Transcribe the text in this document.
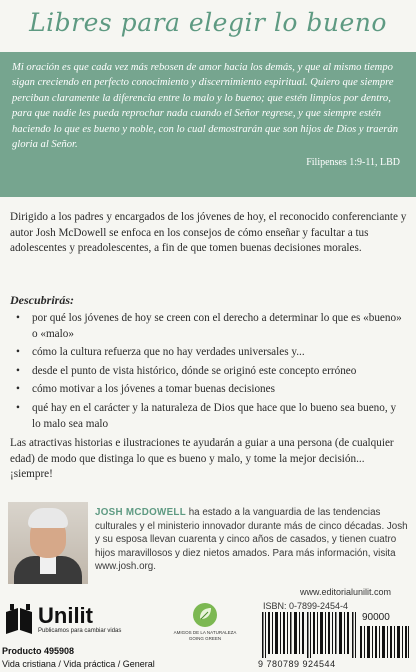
Libres para elegir lo bueno

Mi oración es que cada vez más rebosen de amor hacia los demás, y que al mismo tiempo sigan creciendo en perfecto conocimiento y discernimiento espiritual. Quiero que siempre perciban claramente la diferencia entre lo malo y lo bueno; que estén limpios por dentro, para que nadie les pueda reprochar nada cuando el Señor regrese, y que siempre estén haciendo lo que es bueno y noble, con lo cual demostrarán que son hijos de Dios y traerán gloria al Señor.

Filipenses 1:9-11, LBD

Dirigido a los padres y encargados de los jóvenes de hoy, el reconocido conferenciante y autor Josh McDowell se enfoca en los consejos de cómo enseñar y facultar a tus adolescentes y preadolescentes, a fin de que tomen buenas decisiones morales.

Descubrirás:

• por qué los jóvenes de hoy se creen con el derecho a determinar lo que es «bueno» o «malo»
• cómo la cultura refuerza que no hay verdades universales y...
• desde el punto de vista histórico, dónde se originó este concepto erróneo
• cómo motivar a los jóvenes a tomar buenas decisiones
• qué hay en el carácter y la naturaleza de Dios que hace que lo bueno sea bueno, y lo malo sea malo

Las atractivas historias e ilustraciones te ayudarán a guiar a una persona (de cualquier edad) de modo que distinga lo que es bueno y malo, y tome la mejor decisión... ¡siempre!

JOSH MCDOWELL ha estado a la vanguardia de las tendencias culturales y el ministerio innovador durante más de cinco décadas. Josh y su esposa llevan cuarenta y cinco años de casados, y tienen cuatro hijos maravillosos y diez nietos amados. Para más información, visita www.josh.org.

www.editorialunilit.com
ISBN: 0-7899-2454-4
90000
9 780789 924544
Unilit
Publicamos para cambiar vidas	AMIGOS DE LA NATURALEZA GOING GREEN
Producto 495908
Vida cristiana / Vida práctica / General
